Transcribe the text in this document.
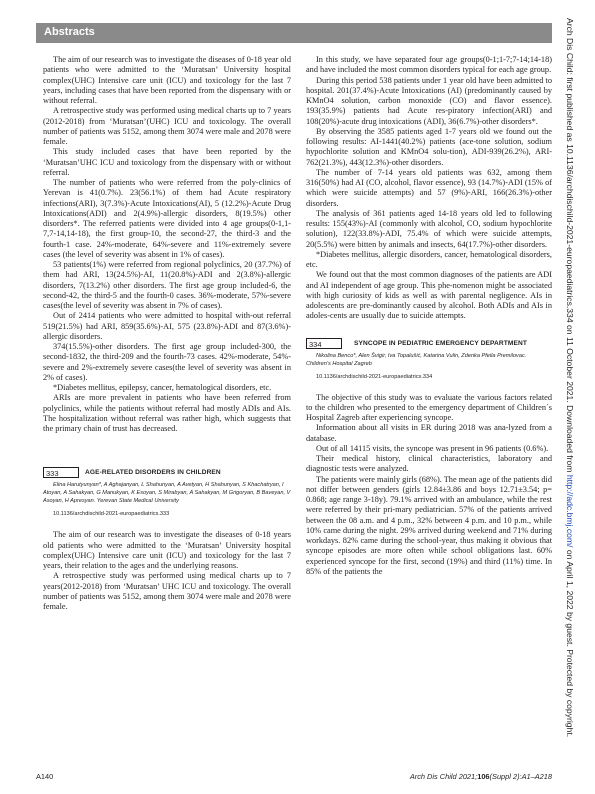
Abstracts

The aim of our research was to investigate the diseases of 0-18 year old patients who were admitted to the ‘Muratsan’ University hospital complex(UHC) Intensive care unit (ICU) and toxicology for the last 7 years, including cases that have been reported from the dispensary with or without referral.

A retrospective study was performed using medical charts up to 7 years (2012-2018) from ‘Muratsan’(UHC) ICU and toxicology. The overall number of patients was 5152, among them 3074 were male and 2078 were female.

This study included cases that have been reported by the ‘Muratsan’UHC ICU and toxicology from the dispensary with or without referral.

The number of patients who were referred from the poly-clinics of Yerevan is 41(0.7%). 23(56.1%) of them had Acute respiratory infections(ARI), 3(7.3%)-Acute Intoxications(AI), 5 (12.2%)-Acute Drug Intoxications(ADI) and 2(4.9%)-allergic disorders, 8(19.5%) other disorders*. The referred patients were divided into 4 age groups(0-1,1-7,7-14,14-18), the first group-10, the second-27, the third-3 and the fourth-1 case. 24%-moderate, 64%-severe and 11%-extremely severe cases (the level of severity was absent in 1% of cases).

53 patients(1%) were referred from regional polyclinics, 20 (37.7%) of them had ARI, 13(24.5%)-AI, 11(20.8%)-ADI and 2(3.8%)-allergic disorders, 7(13.2%) other disorders. The first age group included-6, the second-42, the third-5 and the fourth-0 cases. 36%-moderate, 57%-severe cases(the level of severity was absent in 7% of cases).

Out of 2414 patients who were admitted to hospital with-out referral 519(21.5%) had ARI, 859(35.6%)-AI, 575 (23.8%)-ADI and 87(3.6%)-allergic disorders.

374(15.5%)-other disorders. The first age group included-300, the second-1832, the third-209 and the fourth-73 cases. 42%-moderate, 54%-severe and 2%-extremely severe cases(the level of severity was absent in 2% of cases).

*Diabetes mellitus, epilepsy, cancer, hematological disorders, etc.

ARIs are more prevalent in patients who have been referred from polyclinics, while the patients without referral had mostly ADIs and AIs. The hospitalization without referral was rather high, which suggests that the primary chain of trust has decreased.

333	AGE-RELATED DISORDERS IN CHILDREN

Elina Harutyunyan*, A Aghajanyan, L Shahunyan, A Avetyan, H Shahunyan, S Khachatryan, I Atoyan, A Sahakyan, G Manukyan, K Esoyan, S Mirabyan, A Sahakyan, M Grigoryan, B Baveyan, V Asoyan, H Apresyan. Yerevan State Medical University

10.1136/archdischild-2021-europaediatrics.333

The aim of our research was to investigate the diseases of 0-18 years old patients who were admitted to the ‘Muratsan’ University hospital complex(UHC) Intensive care unit (ICU) and toxicology for the last 7 years, their relation to the ages and the underlying reasons.

A retrospective study was performed using medical charts up to 7 years(2012-2018) from ‘Muratsan’ UHC ICU and toxicology. The overall number of patients was 5152, among them 3074 were male and 2078 were female.

In this study, we have separated four age groups(0-1;1-7;7-14;14-18) and have included the most common disorders typical for each age group.

During this period 538 patients under 1 year old have been admitted to hospital. 201(37.4%)-Acute Intoxications (AI) (predominantly caused by KMnO4 solution, carbon monoxide (CO) and flavor essence). 193(35.9%) patients had Acute res-piratory infection(ARI) and 108(20%)-acute drug intoxications (ADI), 36(6.7%)-other disorders*.

By observing the 3585 patients aged 1-7 years old we found out the following results: AI-1441(40.2%) patients (ace-tone solution, sodium hypochlorite solution and KMnO4 solu-tion), ADI-939(26.2%), ARI-762(21.3%), 443(12.3%)-other disorders.

The number of 7-14 years old patients was 632, among them 316(50%) had AI (CO, alcohol, flavor essence), 93 (14.7%)-ADI (15% of which were suicide attempts) and 57 (9%)-ARI, 166(26.3%)-other disorders.

The analysis of 361 patients aged 14-18 years old led to following results: 155(43%)-AI (commonly with alcohol, CO, sodium hypochlorite solution), 122(33.8%)-ADI, 75.4% of which were suicide attempts, 20(5.5%) were bitten by animals and insects, 64(17.7%)-other disorders.

*Diabetes mellitus, allergic disorders, cancer, hematological disorders, etc.

We found out that the most common diagnoses of the patients are ADI and AI independent of age group. This phe-nomenon might be associated with high curiosity of kids as well as with parental negligence. AIs in adolescents are pre-dominantly caused by alcohol. Both ADIs and AIs in adoles-cents are usually due to suicide attempts.

334	SYNCOPE IN PEDIATRIC EMERGENCY DEPARTMENT

Nikolina Benco*, Alen Švigir, Iva Topalušić, Katarina Vulin, Zdenka Pfeila Premilovac. Children’s Hospital Zagreb

10.1136/archdischild-2021-europaediatrics.334

The objective of this study was to evaluate the various factors related to the children who presented to the emergency department of Children´s Hospital Zagreb after experiencing syncope.

Information about all visits in ER during 2018 was ana-lyzed from a database.

Out of all 14115 visits, the syncope was present in 96 patients (0.6%).

Their medical history, clinical characteristics, laboratory and diagnostic tests were analyzed.

The patients were mainly girls (68%). The mean age of the patients did not differ between genders (girls 12.84±3.86 and boys 12.71±3.54; p= 0.868; age range 3-18y). 79.1% arrived with an ambulance, while the rest were referred by their pri-mary pediatrician. 57% of the patients arrived between the 08 a.m. and 4 p.m., 32% between 4 p.m. and 10 p.m., while 10% came during the night. 29% arrived during weekend and 71% during workdays. 82% came during the school-year, thus making it obvious that syncope episodes are more often while school obligations last. 60% experienced syncope for the first, second (19%) and third (11%) time. In 85% of the patients the

Arch Dis Child: first published as 10.1136/archdischild-2021-europaediatrics.334 on 11 October 2021. Downloaded from http://adc.bmj.com/ on April 1, 2022 by guest. Protected by copyright.
A140	Arch Dis Child 2021;106(Suppl 2):A1–A218
